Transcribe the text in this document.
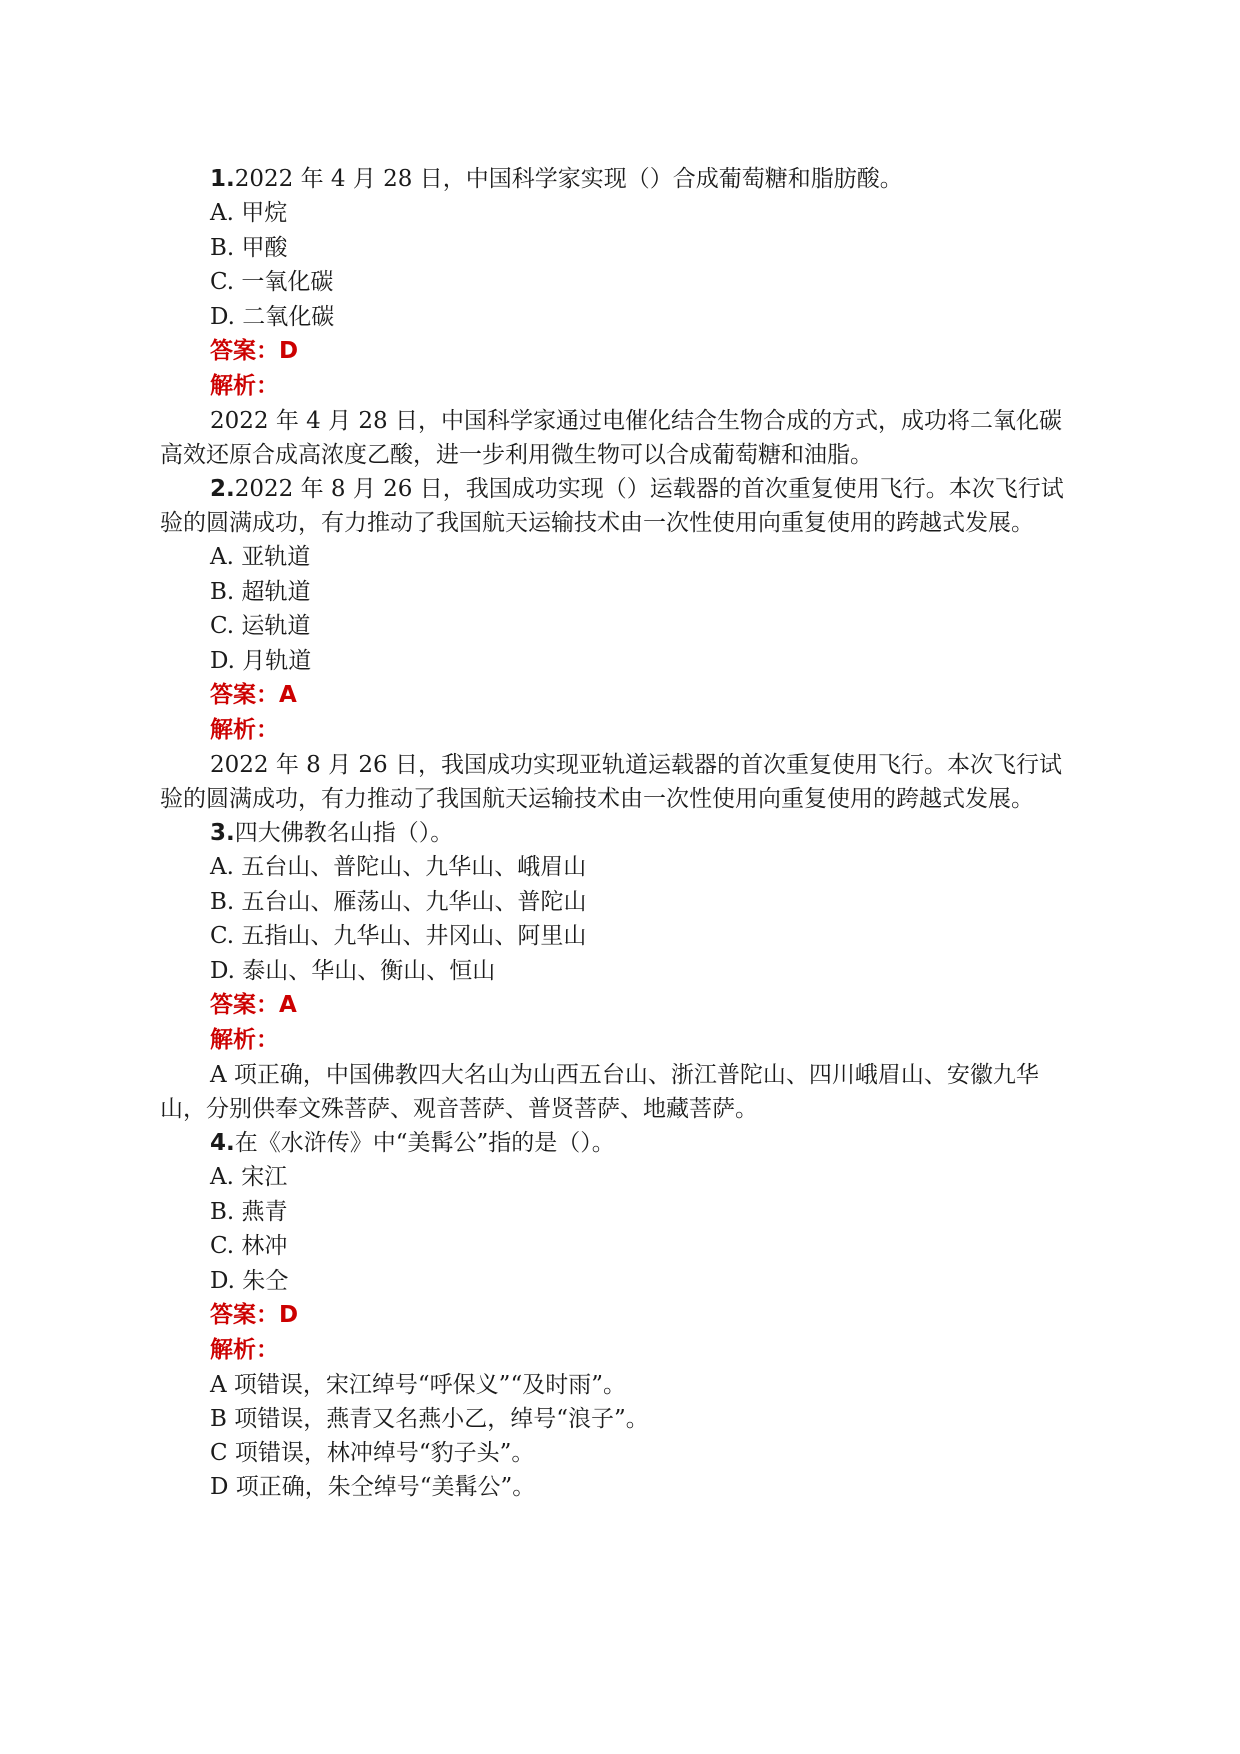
1.2022 年 4 月 28 日，中国科学家实现（）合成葡萄糖和脂肪酸。

A. 甲烷

B. 甲酸

C. 一氧化碳

D. 二氧化碳

答案：D

解析：

2022 年 4 月 28 日，中国科学家通过电催化结合生物合成的方式，成功将二氧化碳高效还原合成高浓度乙酸，进一步利用微生物可以合成葡萄糖和油脂。

2.2022 年 8 月 26 日，我国成功实现（）运载器的首次重复使用飞行。本次飞行试验的圆满成功，有力推动了我国航天运输技术由一次性使用向重复使用的跨越式发展。

A. 亚轨道

B. 超轨道

C. 运轨道

D. 月轨道

答案：A

解析：

2022 年 8 月 26 日，我国成功实现亚轨道运载器的首次重复使用飞行。本次飞行试验的圆满成功，有力推动了我国航天运输技术由一次性使用向重复使用的跨越式发展。

3.四大佛教名山指（）。

A. 五台山、普陀山、九华山、峨眉山

B. 五台山、雁荡山、九华山、普陀山

C. 五指山、九华山、井冈山、阿里山

D. 泰山、华山、衡山、恒山

答案：A

解析：

A 项正确，中国佛教四大名山为山西五台山、浙江普陀山、四川峨眉山、安徽九华山，分别供奉文殊菩萨、观音菩萨、普贤菩萨、地藏菩萨。

4.在《水浒传》中“美髯公”指的是（）。

A. 宋江

B. 燕青

C. 林冲

D. 朱仝

答案：D

解析：

A 项错误，宋江绰号“呼保义”“及时雨”。

B 项错误，燕青又名燕小乙，绰号“浪子”。

C 项错误，林冲绰号“豹子头”。

D 项正确，朱仝绰号“美髯公”。
